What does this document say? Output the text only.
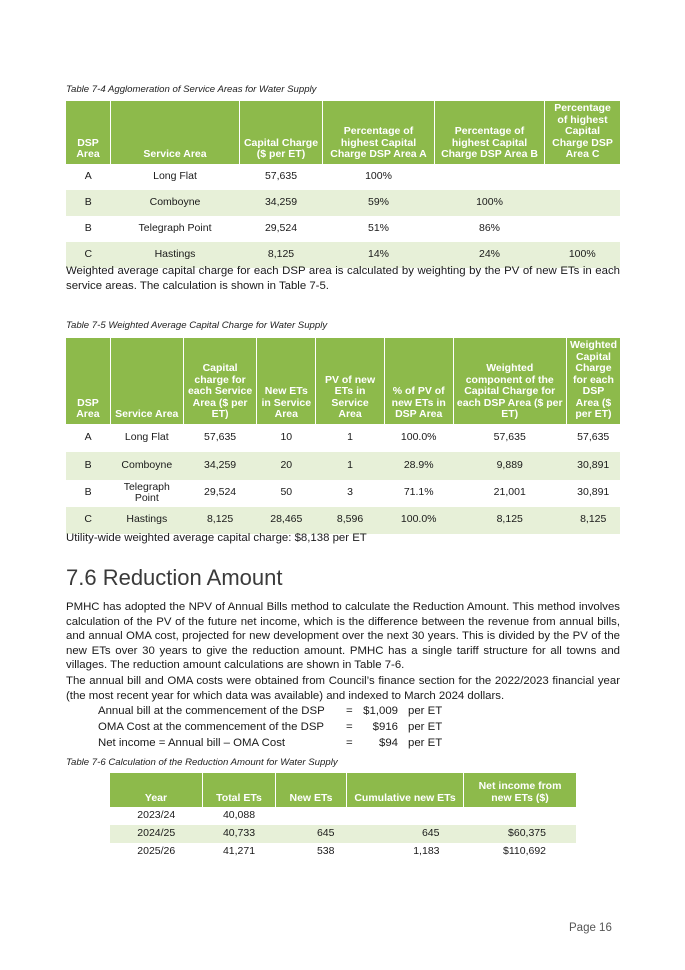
Table 7-4 Agglomeration of Service Areas for Water Supply
DSP Area	Service Area	Capital Charge ($ per ET)	Percentage of highest Capital Charge DSP Area A	Percentage of highest Capital Charge DSP Area B	Percentage of highest Capital Charge DSP Area C
A	Long Flat	57,635	100%		
B	Comboyne	34,259	59%	100%	
B	Telegraph Point	29,524	51%	86%	
C	Hastings	8,125	14%	24%	100%
Weighted average capital charge for each DSP area is calculated by weighting by the PV of new ETs in each service areas. The calculation is shown in Table 7-5.
Table 7-5 Weighted Average Capital Charge for Water Supply
DSP Area	Service Area	Capital charge for each Service Area ($ per ET)	New ETs in Service Area	PV of new ETs in Service Area	% of PV of new ETs in DSP Area	Weighted component of the Capital Charge for each DSP Area ($ per ET)	Weighted Capital Charge for each DSP Area ($ per ET)
A	Long Flat	57,635	10	1	100.0%	57,635	57,635
B	Comboyne	34,259	20	1	28.9%	9,889	30,891
B	Telegraph Point	29,524	50	3	71.1%	21,001	30,891
C	Hastings	8,125	28,465	8,596	100.0%	8,125	8,125
Utility-wide weighted average capital charge: $8,138 per ET
7.6 Reduction Amount
PMHC has adopted the NPV of Annual Bills method to calculate the Reduction Amount. This method involves calculation of the PV of the future net income, which is the difference between the revenue from annual bills, and annual OMA cost, projected for new development over the next 30 years. This is divided by the PV of the new ETs over 30 years to give the reduction amount. PMHC has a single tariff structure for all towns and villages. The reduction amount calculations are shown in Table 7-6.
The annual bill and OMA costs were obtained from Council’s finance section for the 2022/2023 financial year (the most recent year for which data was available) and indexed to March 2024 dollars.
Annual bill at the commencement of the DSP = $1,009 per ET
OMA Cost at the commencement of the DSP = $916 per ET
Net income = Annual bill – OMA Cost	= $94 per ET
Table 7-6 Calculation of the Reduction Amount for Water Supply
Year	Total ETs	New ETs	Cumulative new ETs	Net income from new ETs ($)
2023/24	40,088			
2024/25	40,733	645	645	$60,375
2025/26	41,271	538	1,183	$110,692
Page 16
